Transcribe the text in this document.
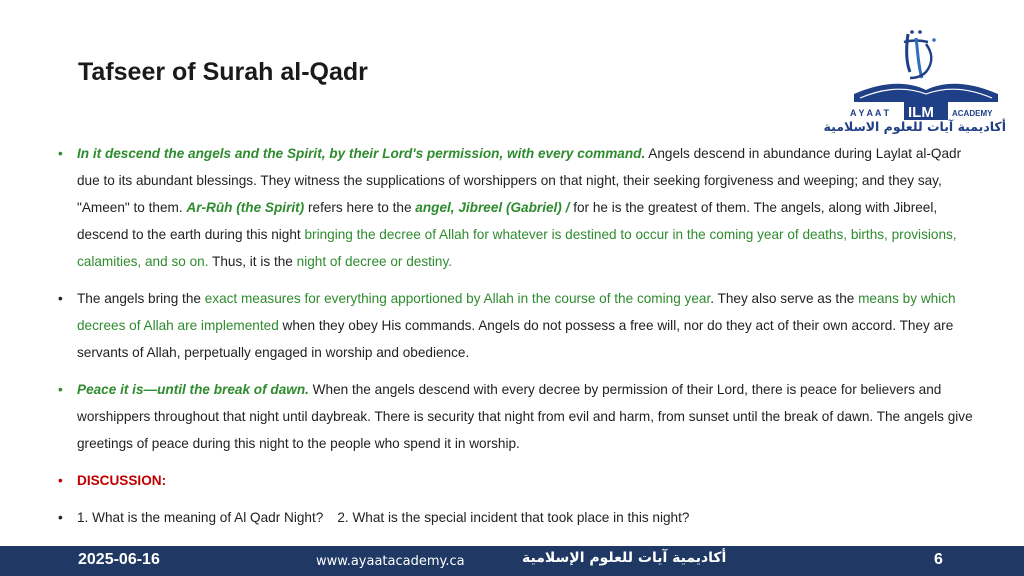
Tafseer of Surah al-Qadr
A Y A A T ILM ACADEMY
أكاديمية آيات للعلوم الاسلامية
• In it descend the angels and the Spirit, by their Lord's permission, with every command. Angels descend in abundance during Laylat al-Qadr due to its abundant blessings. They witness the supplications of worshippers on that night, their seeking forgiveness and weeping; and they say, "Ameen" to them. Ar-Rūh (the Spirit) refers here to the angel, Jibreel (Gabriel) / for he is the greatest of them. The angels, along with Jibreel, descend to the earth during this night bringing the decree of Allah for whatever is destined to occur in the coming year of deaths, births, provisions, calamities, and so on. Thus, it is the night of decree or destiny.
• The angels bring the exact measures for everything apportioned by Allah in the course of the coming year. They also serve as the means by which decrees of Allah are implemented when they obey His commands. Angels do not possess a free will, nor do they act of their own accord. They are servants of Allah, perpetually engaged in worship and obedience.
• Peace it is—until the break of dawn. When the angels descend with every decree by permission of their Lord, there is peace for believers and worshippers throughout that night until daybreak. There is security that night from evil and harm, from sunset until the break of dawn. The angels give greetings of peace during this night to the people who spend it in worship.
• DISCUSSION:
• 1. What is the meaning of Al Qadr Night? 2. What is the special incident that took place in this night?
2025-06-16	www.ayaatacademy.ca	أكاديمية آيات للعلوم الإسلامية	6
